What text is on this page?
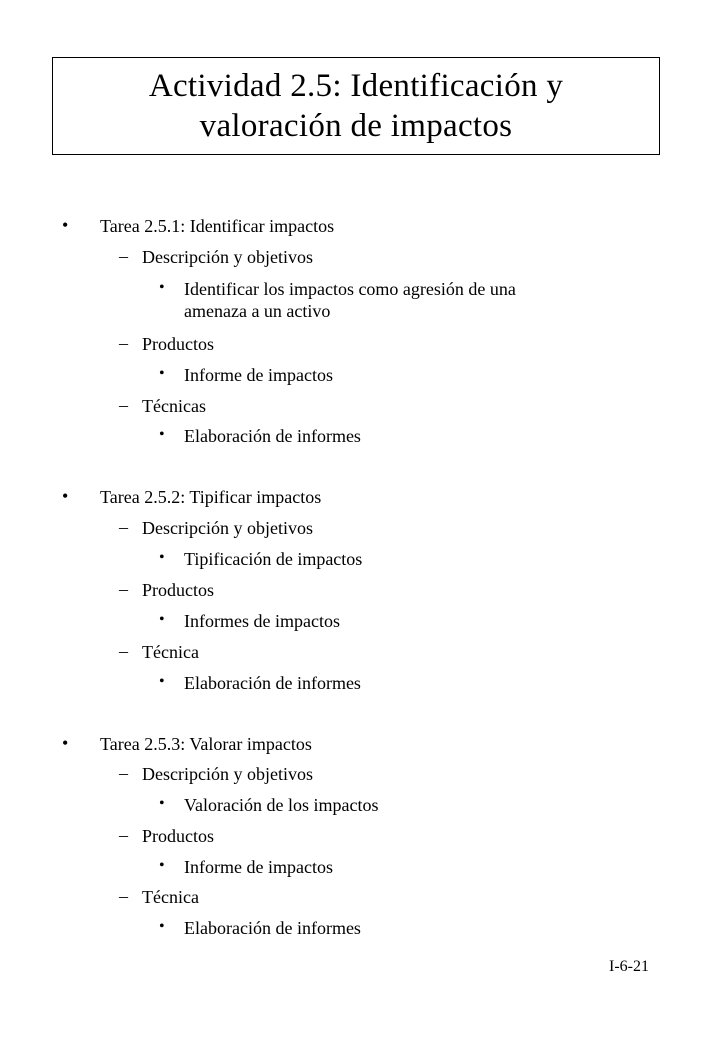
Actividad 2.5: Identificación y
valoración de impactos
• Tarea 2.5.1: Identificar impactos
– Descripción y objetivos
• Identificar los impactos como agresión de una
amenaza a un activo
– Productos
• Informe de impactos
– Técnicas
• Elaboración de informes
• Tarea 2.5.2: Tipificar impactos
– Descripción y objetivos
• Tipificación de impactos
– Productos
• Informes de impactos
– Técnica
• Elaboración de informes
• Tarea 2.5.3: Valorar impactos
– Descripción y objetivos
• Valoración de los impactos
– Productos
• Informe de impactos
– Técnica
• Elaboración de informes
I-6-21
